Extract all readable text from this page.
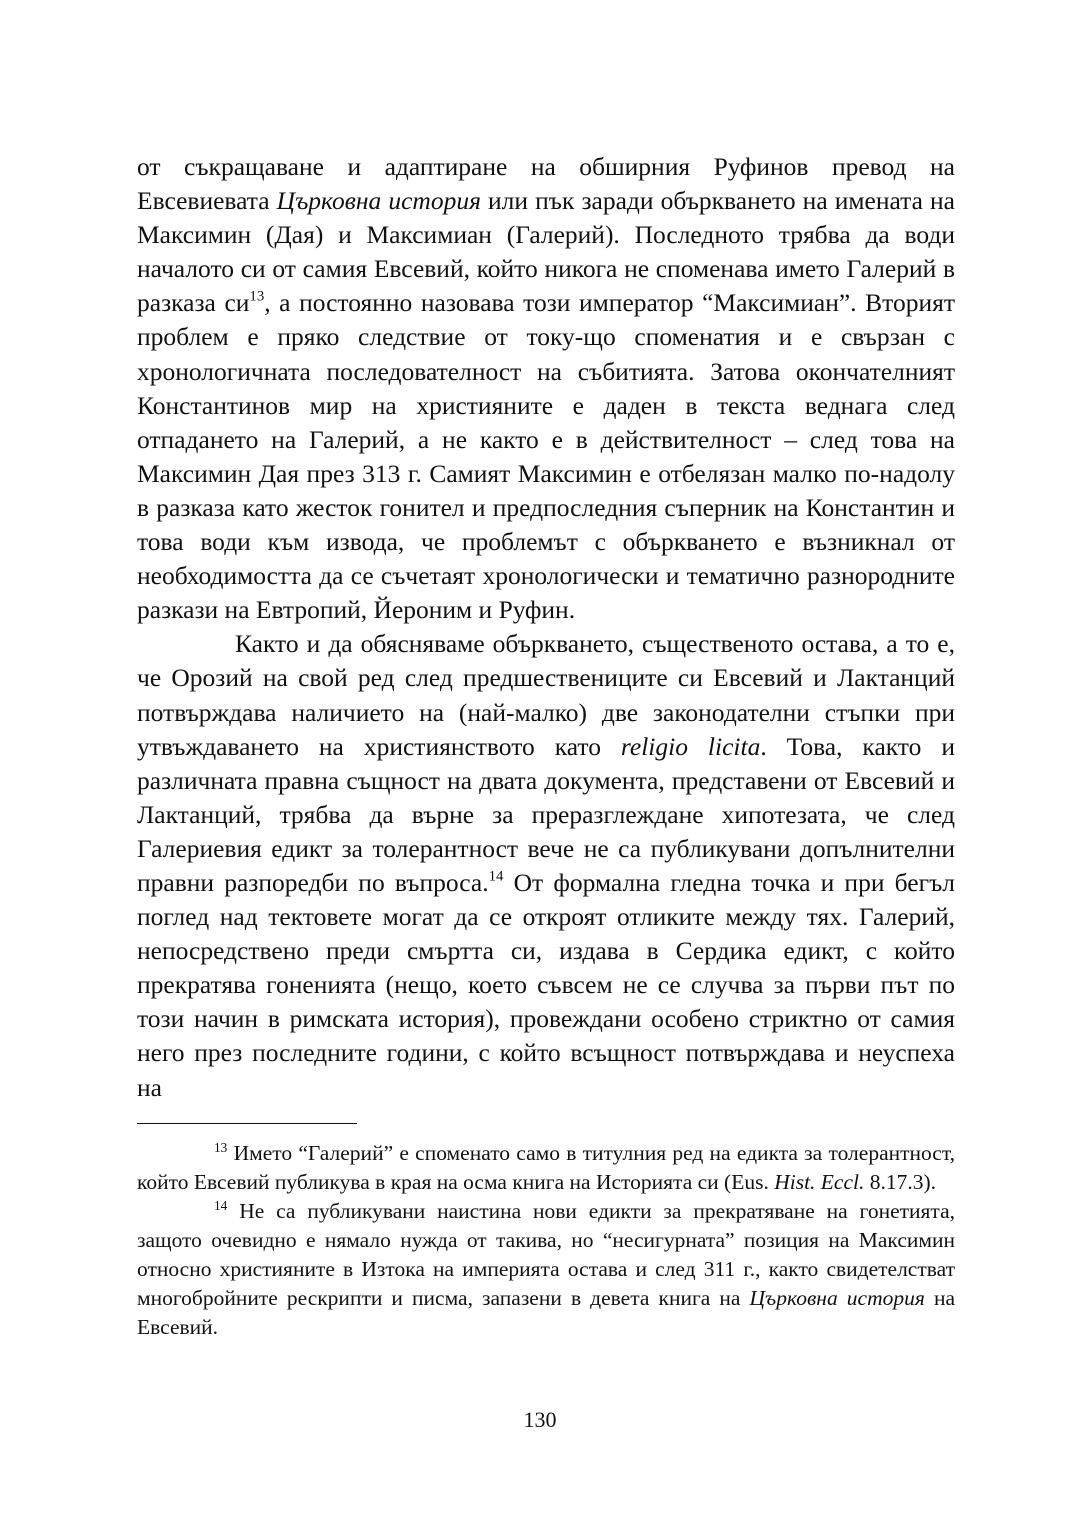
от съкращаване и адаптиране на обширния Руфинов превод на Евсевиевата Църковна история или пък заради объркването на имената на Максимин (Дая) и Максимиан (Галерий). Последното трябва да води началото си от самия Евсевий, който никога не споменава името Галерий в разказа $си^{13}$, а постоянно назовава този император “Максимиан”. Вторият проблем е пряко следствие от току-що споменатия и е свързан с хронологичната последователност на събитията. Затова окончателният Константинов мир на християните е даден в текста веднага след отпадането на Галерий, а не както е в действителност – след това на Максимин Дая през 313 г. Самият Максимин е отбелязан малко по-надолу в разказа като жесток гонител и предпоследния съперник на Константин и това води към извода, че проблемът с объркването е възникнал от необходимостта да се съчетаят хронологически и тематично разнородните разкази на Евтропий, Йероним и Руфин.

Както и да обясняваме объркването, същественото остава, а то е, че Орозий на свой ред след предшествениците си Евсевий и Лактанций потвърждава наличието на (най-малко) две законодателни стъпки при утвъждаването на християнството като religio licita. Това, както и различната правна същност на двата документа, представени от Евсевий и Лактанций, трябва да върне за преразглеждане хипотезата, че след Галериевия едикт за толерантност вече не са публикувани допълнителни правни разпоредби по въпроса.$^{14}$ От формална гледна точка и при бегъл поглед над тектовете могат да се откроят отликите между тях. Галерий, непосредствено преди смъртта си, издава в Сердика едикт, с който прекратява гоненията (нещо, което съвсем не се случва за първи път по този начин в римската история), провеждани особено стриктно от самия него през последните години, с който всъщност потвърждава и неуспеха на

$^{13}$ Името “Галерий” е споменато само в титулния ред на едикта за толерантност, който Евсевий публикува в края на осма книга на Историята си (Eus. Hist. Eccl. 8.17.3).

$^{14}$ Не са публикувани наистина нови едикти за прекратяване на гонетията, защото очевидно е нямало нужда от такива, но “несигурната” позиция на Максимин относно християните в Изтока на империята остава и след 311 г., както свидетелстват многобройните рескрипти и писма, запазени в девета книга на Църковна история на Евсевий.

130
